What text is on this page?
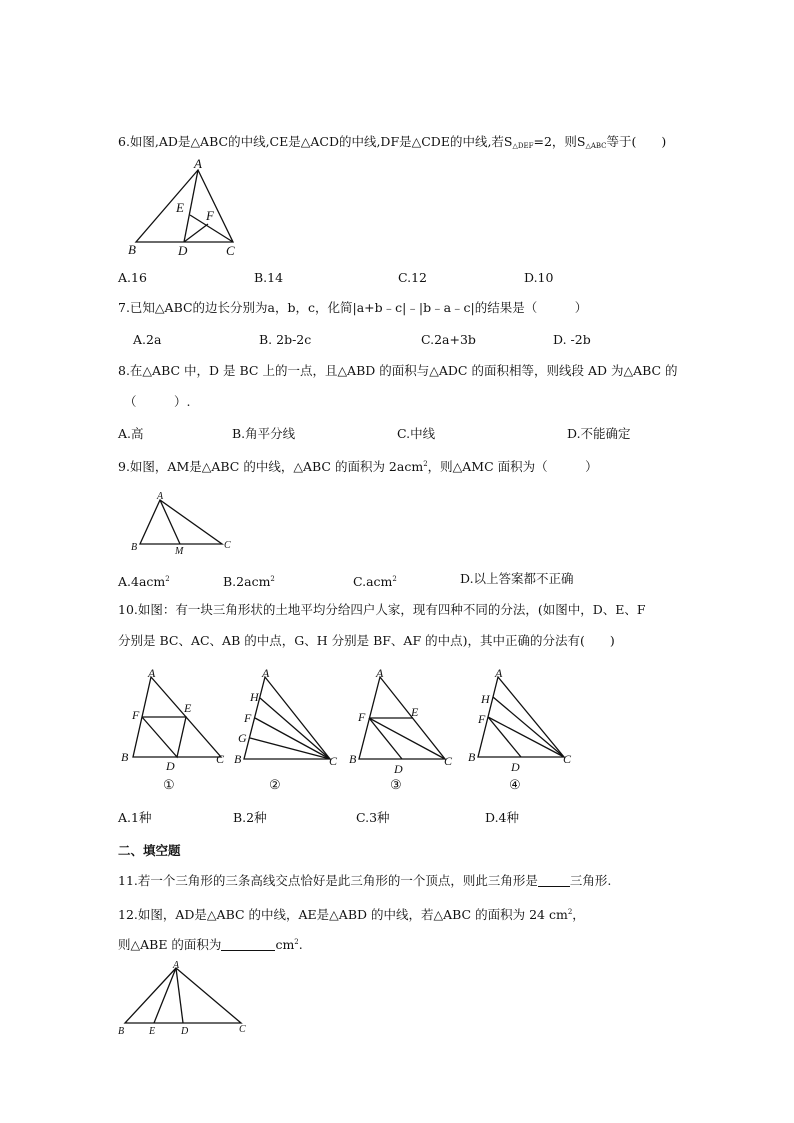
6.如图,AD是△ABC的中线,CE是△ACD的中线,DF是△CDE的中线,若$S_{\triangle DEF}=2$，则$S_{\triangle ABC}$等于(　　)
A
B	D	C
E
F
A.16	B.14	C.12	D.10
7.已知△ABC的边长分别为a，b，c，化简|a+b﹣c|﹣|b﹣a﹣c|的结果是（　　　）
A.2a	B. 2b-2c	C.2a+3b	D. -2b
8.在△ABC 中，D 是 BC 上的一点，且△ABD 的面积与△ADC 的面积相等，则线段 AD 为△ABC 的
（　　　）.
A.高	B.角平分线	C.中线	D.不能确定
9.如图，AM是△ABC 的中线，△ABC 的面积为 2acm$^2$，则△AMC 面积为（　　　）
A
B	M
C
A.4acm$^2$	B.2acm$^2$	C.acm$^2$	D.以上答案都不正确
10.如图：有一块三角形状的土地平均分给四户人家，现有四种不同的分法，(如图中，D、E、F
分别是 BC、AC、AB 的中点，G、H 分别是 BF、AF 的中点)，其中正确的分法有(　　)
A
B	C
D
E
F
①
A
H
F
G
B	C
②
A
F	E
B
D
C
③
A
H
F
B
D
C
④
A.1种	B.2种	C.3种	D.4种
二、填空题
11.若一个三角形的三条高线交点恰好是此三角形的一个顶点，则此三角形是	三角形.
12.如图，AD是△ABC 的中线，AE是△ABD 的中线，若△ABC 的面积为 24 $cm^2$，
则△ABE 的面积为	$cm^2$.
A
B E	D	C
